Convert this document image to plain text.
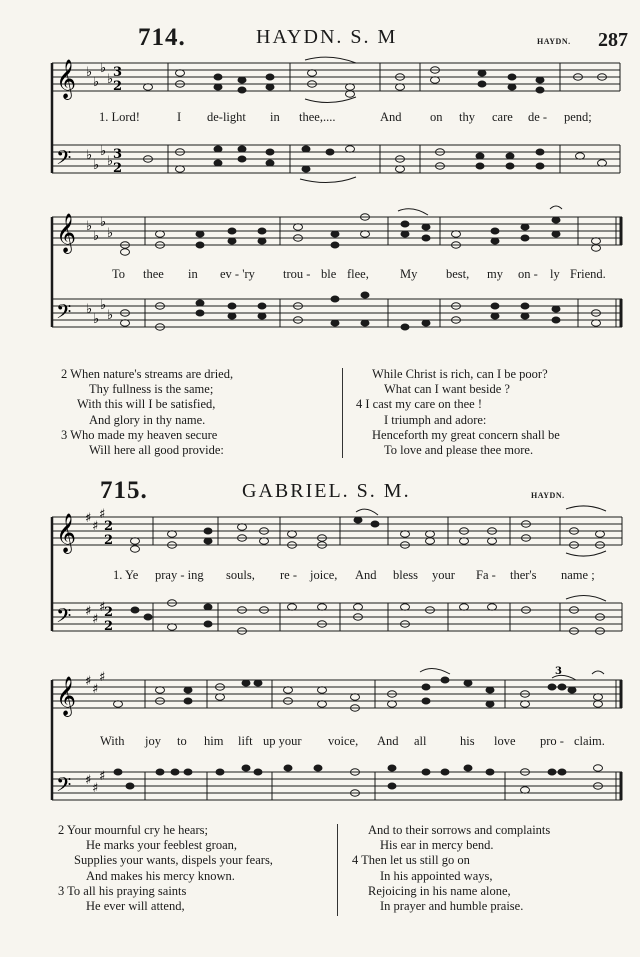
714.	HAYDN. S. M	HAYDN. 287
𝄞
𝄢
♭
♭
♭
♭
♭
♭
♭
♭
3
2
3
2
1. Lord!	I de-light in thee,....	And on thy care de - pend;
𝄞
𝄢
♭
♭
♭
♭
♭
♭
♭
♭
To thee in ev - 'ry trou - ble flee, My best, my on - ly Friend.
2 When nature's streams are dried,
Thy fullness is the same;
With this will I be satisfied,
And glory in thy name.
3 Who made my heaven secure
Will here all good provide:
While Christ is rich, can I be poor?
What can I want beside ?
4 I cast my care on thee !
I triumph and adore:
Henceforth my great concern shall be
To love and please thee more.
715.	GABRIEL. S. M.	HAYDN.
𝄞
𝄢
♯
♯
♯
♯
♯
♯
2
2
2
2
1. Ye pray - ing souls, re - joice, And bless your Fa - ther's name ;
𝄞
𝄢
♯
♯
♯
♯
♯
♯
3
With joy to him lift up your voice, And all	his love pro - claim.
2 Your mournful cry he hears;
He marks your feeblest groan,
Supplies your wants, dispels your fears,
And makes his mercy known.
3 To all his praying saints
He ever will attend,
And to their sorrows and complaints
His ear in mercy bend.
4 Then let us still go on
In his appointed ways,
Rejoicing in his name alone,
In prayer and humble praise.
3/2 2/2
